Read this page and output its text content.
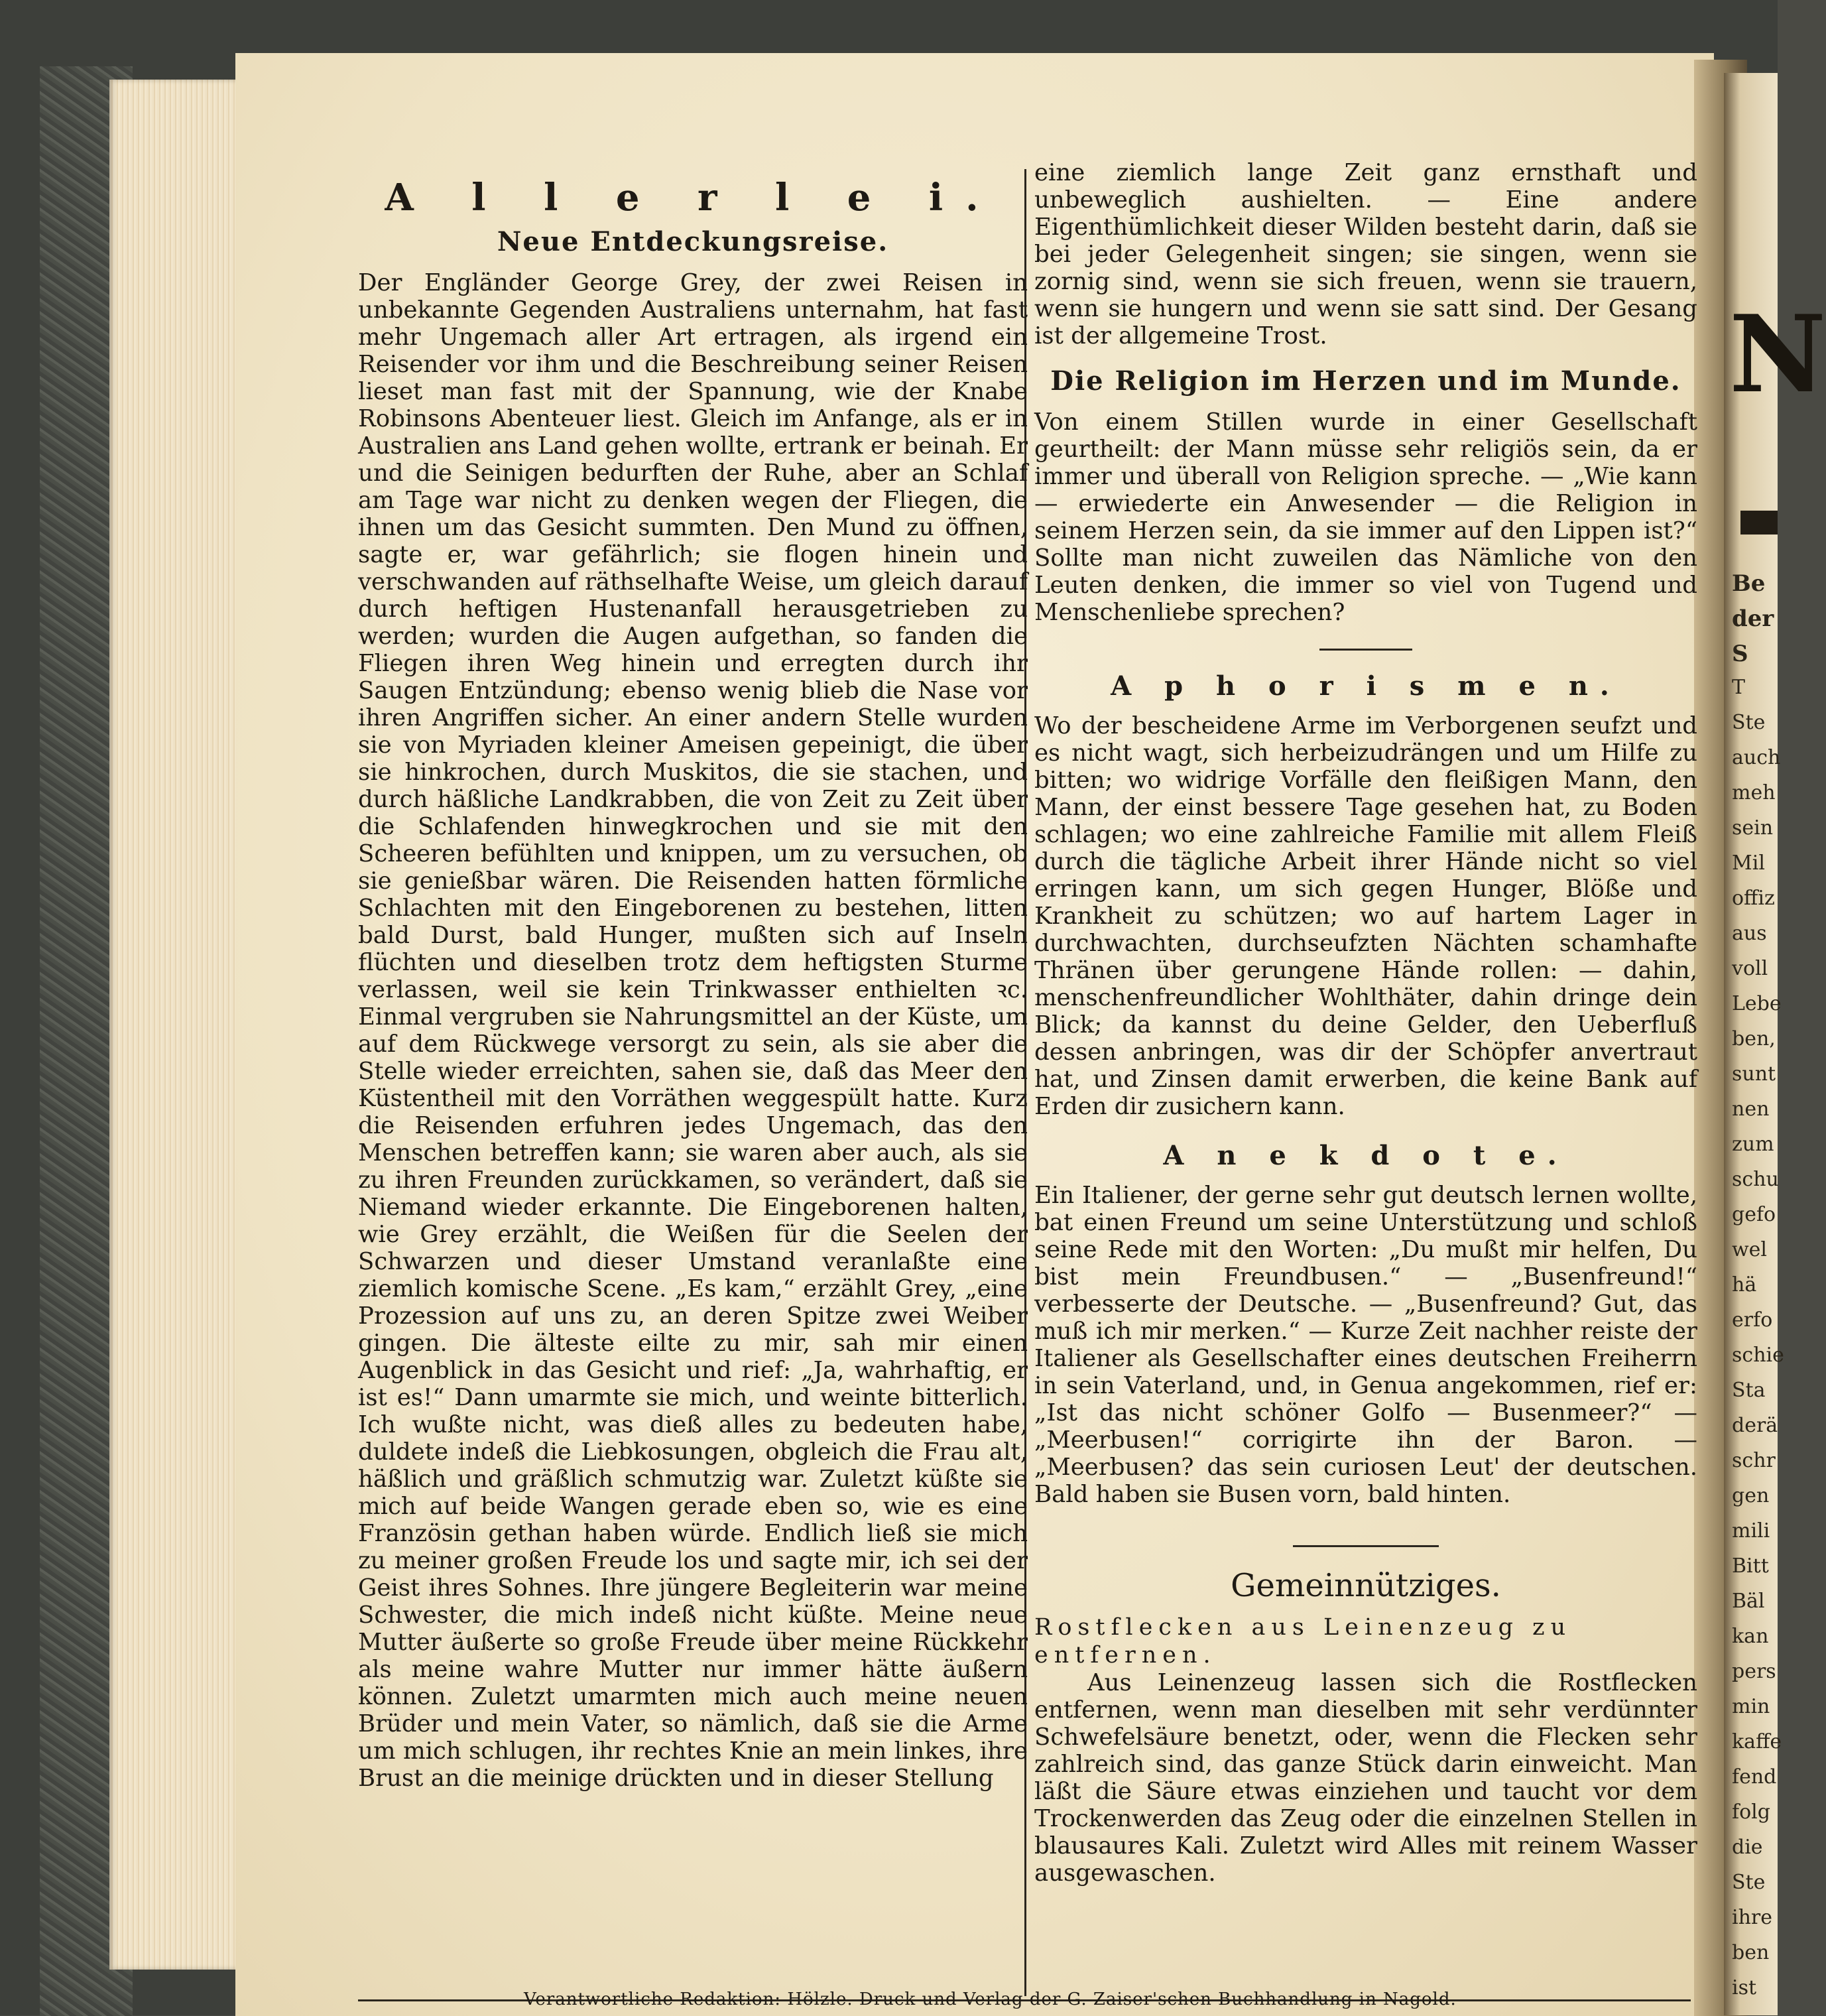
N
Be
der
S
T
Ste
auch
meh
sein
Mil
offiz
aus
voll
Lebe
ben,
sunt
nen
zum
schu
gefo
wel
hä
erfo
schie
Sta
derä
schr
gen
mili
Bitt
Bäl
kan
pers
min
kaffe
fend
folg
die
Ste
ihre
ben
ist
A l l e r l e i.
Neue Entdeckungsreise.

Der Engländer George Grey, der zwei Reisen in unbekannte Gegenden Australiens unternahm, hat fast mehr Ungemach aller Art ertragen, als irgend ein Reisender vor ihm und die Beschreibung seiner Reisen lieset man fast mit der Spannung, wie der Knabe Robinsons Abenteuer liest. Gleich im Anfange, als er in Australien ans Land gehen wollte, ertrank er beinah. Er und die Seinigen bedurften der Ruhe, aber an Schlaf am Tage war nicht zu denken wegen der Fliegen, die ihnen um das Gesicht summten. Den Mund zu öffnen, sagte er, war gefährlich; sie flogen hinein und verschwanden auf räthselhafte Weise, um gleich darauf durch heftigen Hustenanfall herausgetrieben zu werden; wurden die Augen aufgethan, so fanden die Fliegen ihren Weg hinein und erregten durch ihr Saugen Entzündung; ebenso wenig blieb die Nase vor ihren Angriffen sicher. An einer andern Stelle wurden sie von Myriaden kleiner Ameisen gepeinigt, die über sie hinkrochen, durch Muskitos, die sie stachen, und durch häßliche Landkrabben, die von Zeit zu Zeit über die Schlafenden hinwegkrochen und sie mit den Scheeren befühlten und knippen, um zu versuchen, ob sie genießbar wären. Die Reisenden hatten förmliche Schlachten mit den Eingeborenen zu bestehen, litten bald Durst, bald Hunger, mußten sich auf Inseln flüchten und dieselben trotz dem heftigsten Sturme verlassen, weil sie kein Trinkwasser enthielten ꝛc. Einmal vergruben sie Nahrungsmittel an der Küste, um auf dem Rückwege versorgt zu sein, als sie aber die Stelle wieder erreichten, sahen sie, daß das Meer den Küstentheil mit den Vorräthen weggespült hatte. Kurz die Reisenden erfuhren jedes Ungemach, das den Menschen betreffen kann; sie waren aber auch, als sie zu ihren Freunden zurückkamen, so verändert, daß sie Niemand wieder erkannte. Die Eingeborenen halten, wie Grey erzählt, die Weißen für die Seelen der Schwarzen und dieser Umstand veranlaßte eine ziemlich komische Scene. „Es kam,“ erzählt Grey, „eine Prozession auf uns zu, an deren Spitze zwei Weiber gingen. Die älteste eilte zu mir, sah mir einen Augenblick in das Gesicht und rief: „Ja, wahrhaftig, er ist es!“ Dann umarmte sie mich, und weinte bitterlich. Ich wußte nicht, was dieß alles zu bedeuten habe, duldete indeß die Liebkosungen, obgleich die Frau alt, häßlich und gräßlich schmutzig war. Zuletzt küßte sie mich auf beide Wangen gerade eben so, wie es eine Französin gethan haben würde. Endlich ließ sie mich zu meiner großen Freude los und sagte mir, ich sei der Geist ihres Sohnes. Ihre jüngere Begleiterin war meine Schwester, die mich indeß nicht küßte. Meine neue Mutter äußerte so große Freude über meine Rückkehr als meine wahre Mutter nur immer hätte äußern können. Zuletzt umarmten mich auch meine neuen Brüder und mein Vater, so nämlich, daß sie die Arme um mich schlugen, ihr rechtes Knie an mein linkes, ihre Brust an die meinige drückten und in dieser Stellung

eine ziemlich lange Zeit ganz ernsthaft und unbeweglich aushielten. — Eine andere Eigenthümlichkeit dieser Wilden besteht darin, daß sie bei jeder Gelegenheit singen; sie singen, wenn sie zornig sind, wenn sie sich freuen, wenn sie trauern, wenn sie hungern und wenn sie satt sind. Der Gesang ist der allgemeine Trost.

Die Religion im Herzen und im Munde.

Von einem Stillen wurde in einer Gesellschaft geurtheilt: der Mann müsse sehr religiös sein, da er immer und überall von Religion spreche. — „Wie kann — erwiederte ein Anwesender — die Religion in seinem Herzen sein, da sie immer auf den Lippen ist?“ Sollte man nicht zuweilen das Nämliche von den Leuten denken, die immer so viel von Tugend und Menschenliebe sprechen?

A p h o r i s m e n.

Wo der bescheidene Arme im Verborgenen seufzt und es nicht wagt, sich herbeizudrängen und um Hilfe zu bitten; wo widrige Vorfälle den fleißigen Mann, den Mann, der einst bessere Tage gesehen hat, zu Boden schlagen; wo eine zahlreiche Familie mit allem Fleiß durch die tägliche Arbeit ihrer Hände nicht so viel erringen kann, um sich gegen Hunger, Blöße und Krankheit zu schützen; wo auf hartem Lager in durchwachten, durchseufzten Nächten schamhafte Thränen über gerungene Hände rollen: — dahin, menschenfreundlicher Wohlthäter, dahin dringe dein Blick; da kannst du deine Gelder, den Ueberfluß dessen anbringen, was dir der Schöpfer anvertraut hat, und Zinsen damit erwerben, die keine Bank auf Erden dir zusichern kann.

A n e k d o t e.

Ein Italiener, der gerne sehr gut deutsch lernen wollte, bat einen Freund um seine Unterstützung und schloß seine Rede mit den Worten: „Du mußt mir helfen, Du bist mein Freundbusen.“ — „Busenfreund!“ verbesserte der Deutsche. — „Busenfreund? Gut, das muß ich mir merken.“ — Kurze Zeit nachher reiste der Italiener als Gesellschafter eines deutschen Freiherrn in sein Vaterland, und, in Genua angekommen, rief er: „Ist das nicht schöner Golfo — Busenmeer?“ — „Meerbusen!“ corrigirte ihn der Baron. — „Meerbusen? das sein curiosen Leut' der deutschen. Bald haben sie Busen vorn, bald hinten.

Gemeinnütziges.

Rostflecken aus Leinenzeug zu entfernen.

Aus Leinenzeug lassen sich die Rostflecken entfernen, wenn man dieselben mit sehr verdünnter Schwefelsäure benetzt, oder, wenn die Flecken sehr zahlreich sind, das ganze Stück darin einweicht. Man läßt die Säure etwas einziehen und taucht vor dem Trockenwerden das Zeug oder die einzelnen Stellen in blausaures Kali. Zuletzt wird Alles mit reinem Wasser ausgewaschen.

Verantwortliche Redaktion: Hölzle. Druck und Verlag der G. Zaiser'schen Buchhandlung in Nagold.
